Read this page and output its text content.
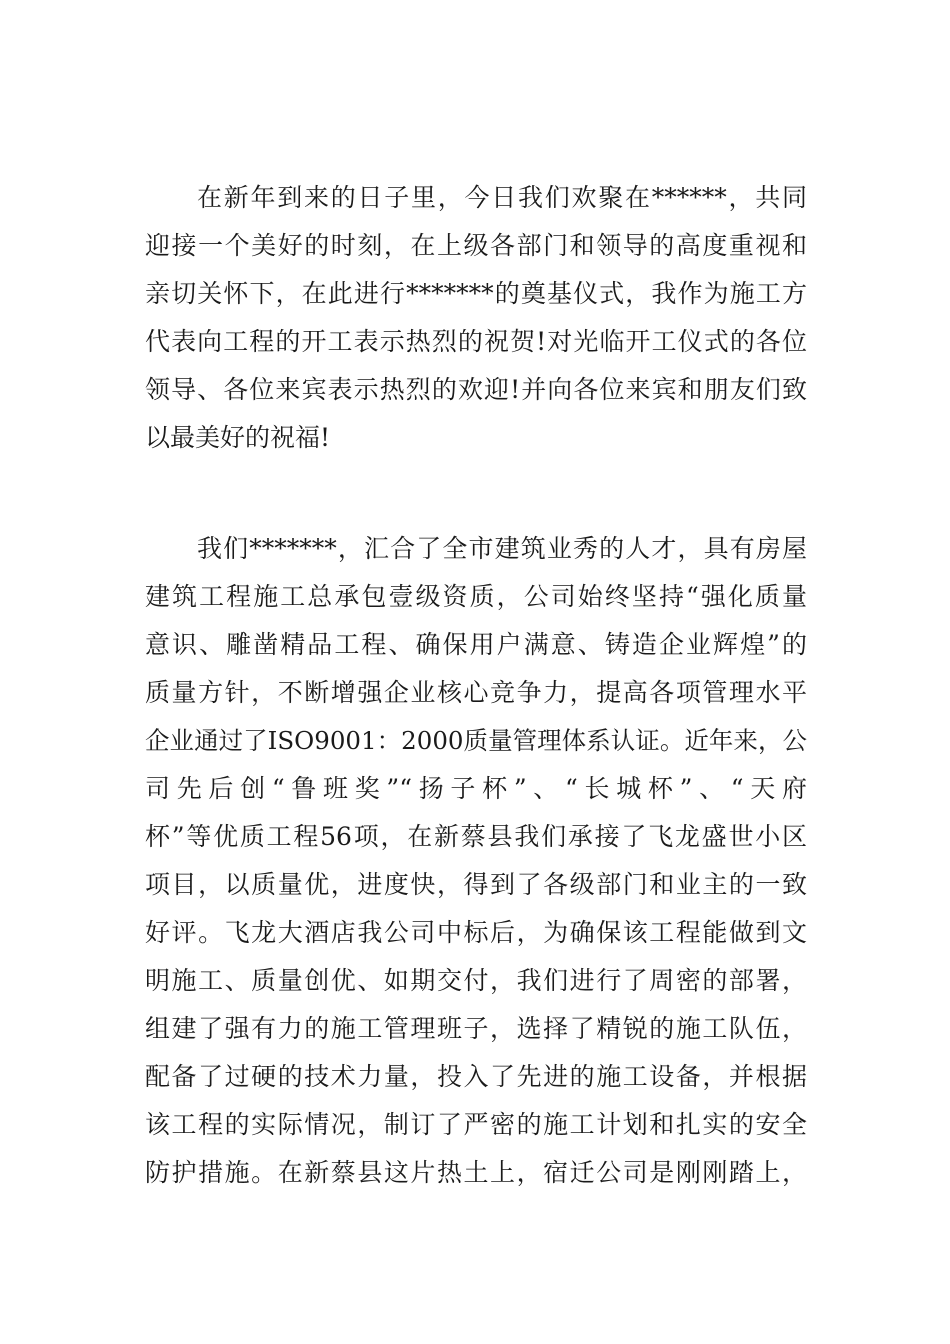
在新年到来的日子里，今日我们欢聚在******，共同
迎接一个美好的时刻，在上级各部门和领导的高度重视和
亲切关怀下，在此进行*******的奠基仪式，我作为施工方
代表向工程的开工表示热烈的祝贺!对光临开工仪式的各位
领导、各位来宾表示热烈的欢迎!并向各位来宾和朋友们致
以最美好的祝福!
我们*******，汇合了全市建筑业秀的人才，具有房屋
建筑工程施工总承包壹级资质，公司始终坚持“强化质量
意识、雕凿精品工程、确保用户满意、铸造企业辉煌”的
质量方针，不断增强企业核心竞争力，提高各项管理水平
企业通过了ISO9001：2000质量管理体系认证。近年来，公
司先后创“鲁班奖”“扬子杯”、“长城杯”、“天府
杯”等优质工程56项，在新蔡县我们承接了飞龙盛世小区
项目，以质量优，进度快，得到了各级部门和业主的一致
好评。飞龙大酒店我公司中标后，为确保该工程能做到文
明施工、质量创优、如期交付，我们进行了周密的部署，
组建了强有力的施工管理班子，选择了精锐的施工队伍，
配备了过硬的技术力量，投入了先进的施工设备，并根据
该工程的实际情况，制订了严密的施工计划和扎实的安全
防护措施。在新蔡县这片热土上，宿迁公司是刚刚踏上，
